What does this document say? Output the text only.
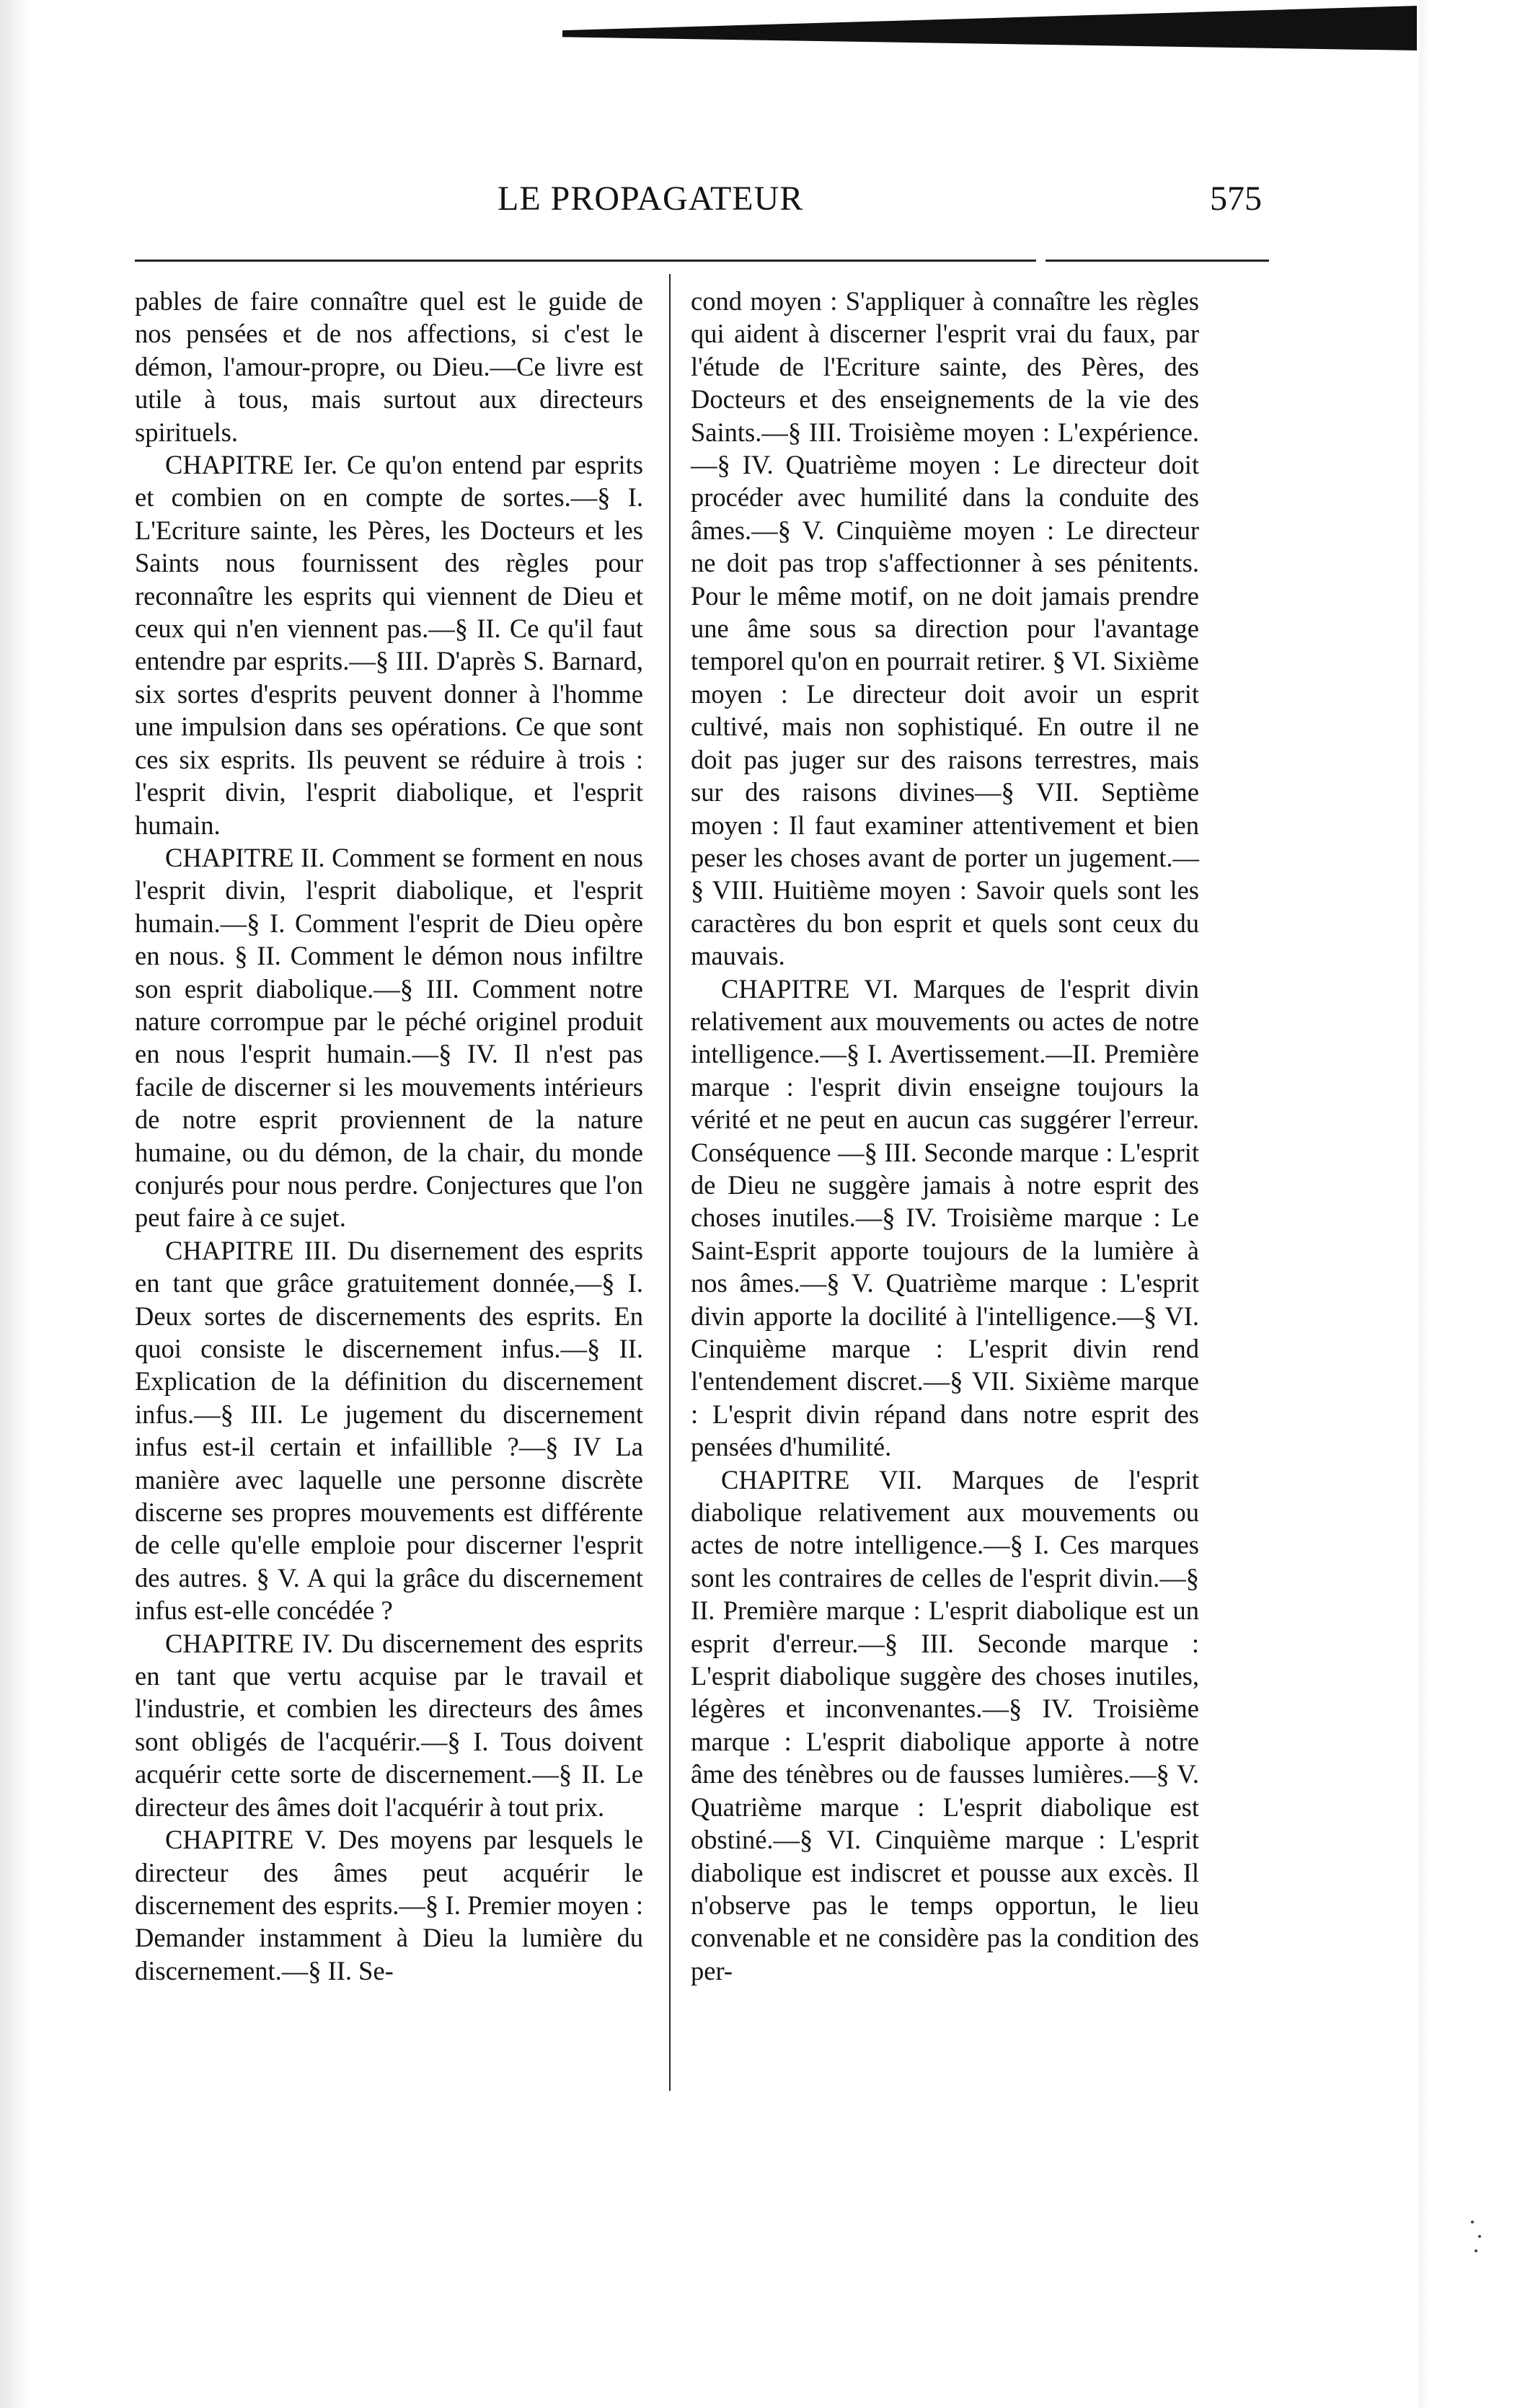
LE PROPAGATEUR	575

pables de faire connaître quel est le guide de nos pensées et de nos affections, si c'est le démon, l'amour-propre, ou Dieu.—Ce livre est utile à tous, mais surtout aux directeurs spirituels.

CHAPITRE Ier. Ce qu'on entend par esprits et combien on en compte de sortes.—§ I. L'Ecriture sainte, les Pères, les Docteurs et les Saints nous fournissent des règles pour reconnaître les esprits qui viennent de Dieu et ceux qui n'en viennent pas.—§ II. Ce qu'il faut entendre par esprits.—§ III. D'après S. Barnard, six sortes d'esprits peuvent donner à l'homme une impulsion dans ses opérations. Ce que sont ces six esprits. Ils peuvent se réduire à trois : l'esprit divin, l'esprit diabolique, et l'esprit humain.

CHAPITRE II. Comment se forment en nous l'esprit divin, l'esprit diabolique, et l'esprit humain.—§ I. Comment l'esprit de Dieu opère en nous. § II. Comment le démon nous infiltre son esprit diabolique.—§ III. Comment notre nature corrompue par le péché originel produit en nous l'esprit humain.—§ IV. Il n'est pas facile de discerner si les mouvements intérieurs de notre esprit proviennent de la nature humaine, ou du démon, de la chair, du monde conjurés pour nous perdre. Conjectures que l'on peut faire à ce sujet.

CHAPITRE III. Du disernement des esprits en tant que grâce gratuitement donnée,—§ I. Deux sortes de discernements des esprits. En quoi consiste le discernement infus.—§ II. Explication de la définition du discernement infus.—§ III. Le jugement du discernement infus est-il certain et infaillible ?—§ IV La manière avec laquelle une personne discrète discerne ses propres mouvements est différente de celle qu'elle emploie pour discerner l'esprit des autres. § V. A qui la grâce du discernement infus est-elle concédée ?

CHAPITRE IV. Du discernement des esprits en tant que vertu acquise par le travail et l'industrie, et combien les directeurs des âmes sont obligés de l'acquérir.—§ I. Tous doivent acquérir cette sorte de discernement.—§ II. Le directeur des âmes doit l'acquérir à tout prix.

CHAPITRE V. Des moyens par lesquels le directeur des âmes peut acquérir le discernement des esprits.—§ I. Premier moyen : Demander instamment à Dieu la lumière du discernement.—§ II. Se-

cond moyen : S'appliquer à connaître les règles qui aident à discerner l'esprit vrai du faux, par l'étude de l'Ecriture sainte, des Pères, des Docteurs et des enseignements de la vie des Saints.—§ III. Troisième moyen : L'expérience.—§ IV. Quatrième moyen : Le directeur doit procéder avec humilité dans la conduite des âmes.—§ V. Cinquième moyen : Le directeur ne doit pas trop s'affectionner à ses pénitents. Pour le même motif, on ne doit jamais prendre une âme sous sa direction pour l'avantage temporel qu'on en pourrait retirer. § VI. Sixième moyen : Le directeur doit avoir un esprit cultivé, mais non sophistiqué. En outre il ne doit pas juger sur des raisons terrestres, mais sur des raisons divines—§ VII. Septième moyen : Il faut examiner attentivement et bien peser les choses avant de porter un jugement.—§ VIII. Huitième moyen : Savoir quels sont les caractères du bon esprit et quels sont ceux du mauvais.

CHAPITRE VI. Marques de l'esprit divin relativement aux mouvements ou actes de notre intelligence.—§ I. Avertissement.—II. Première marque : l'esprit divin enseigne toujours la vérité et ne peut en aucun cas suggérer l'erreur. Conséquence —§ III. Seconde marque : L'esprit de Dieu ne suggère jamais à notre esprit des choses inutiles.—§ IV. Troisième marque : Le Saint-Esprit apporte toujours de la lumière à nos âmes.—§ V. Quatrième marque : L'esprit divin apporte la docilité à l'intelligence.—§ VI. Cinquième marque : L'esprit divin rend l'entendement discret.—§ VII. Sixième marque : L'esprit divin répand dans notre esprit des pensées d'humilité.

CHAPITRE VII. Marques de l'esprit diabolique relativement aux mouvements ou actes de notre intelligence.—§ I. Ces marques sont les contraires de celles de l'esprit divin.—§ II. Première marque : L'esprit diabolique est un esprit d'erreur.—§ III. Seconde marque : L'esprit diabolique suggère des choses inutiles, légères et inconvenantes.—§ IV. Troisième marque : L'esprit diabolique apporte à notre âme des ténèbres ou de fausses lumières.—§ V. Quatrième marque : L'esprit diabolique est obstiné.—§ VI. Cinquième marque : L'esprit diabolique est indiscret et pousse aux excès. Il n'observe pas le temps opportun, le lieu convenable et ne considère pas la condition des per-
